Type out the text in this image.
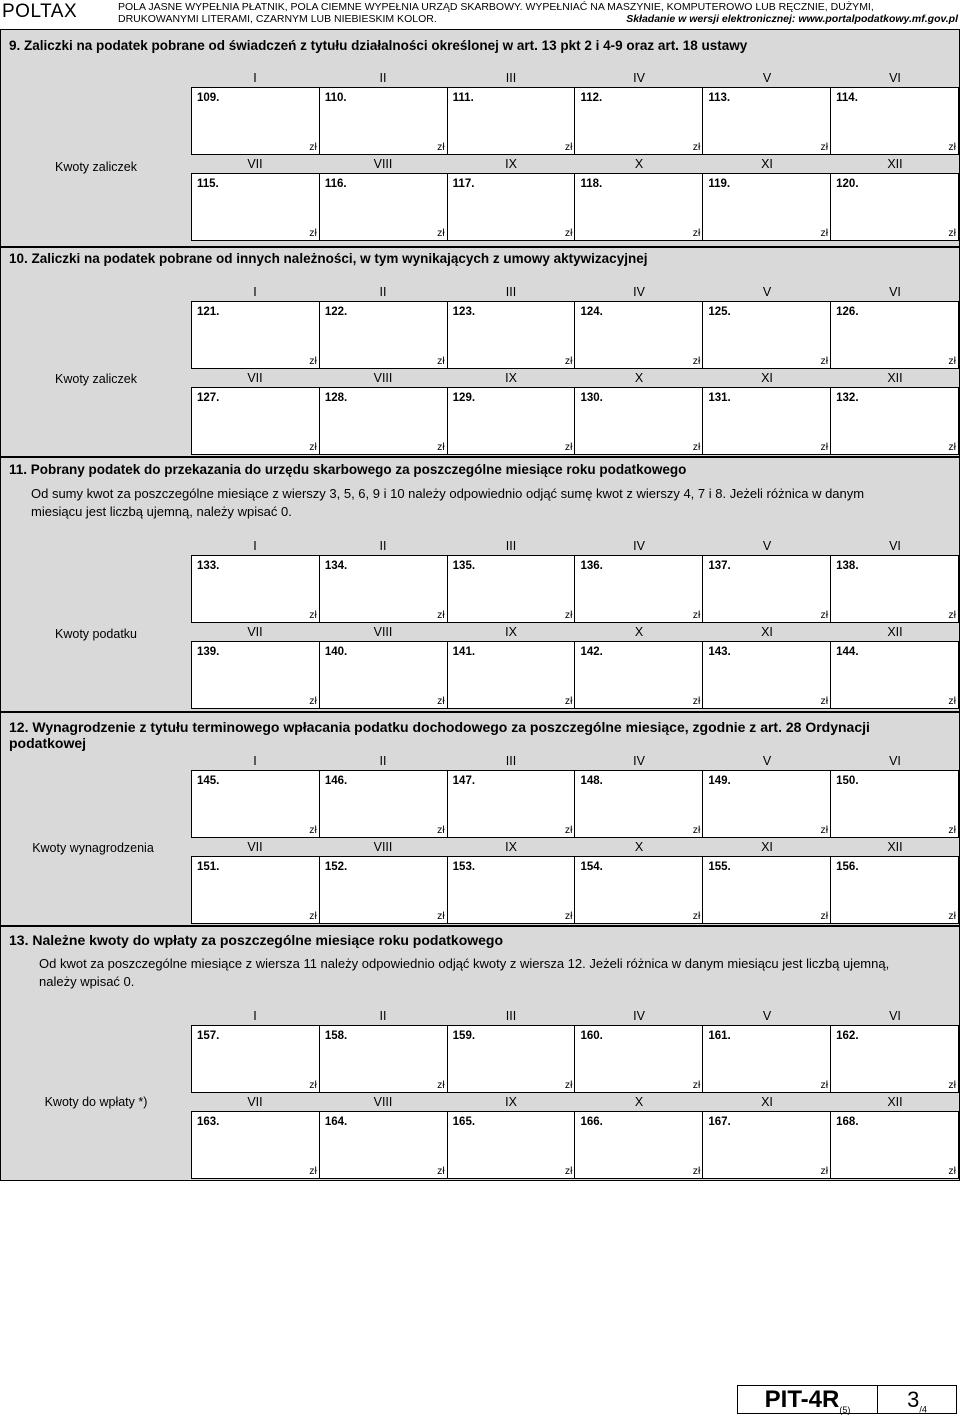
POLTAX	POLA JASNE WYPEŁNIA PŁATNIK, POLA CIEMNE WYPEŁNIA URZĄD SKARBOWY. WYPEŁNIAĆ NA MASZYNIE, KOMPUTEROWO LUB RĘCZNIE, DUŻYMI,
DRUKOWANYMI LITERAMI, CZARNYM LUB NIEBIESKIM KOLOR.	Składanie w wersji elektronicznej: www.portalpodatkowy.mf.gov.pl
9. Zaliczki na podatek pobrane od świadczeń z tytułu działalności określonej w art. 13 pkt 2 i 4-9 oraz art. 18 ustawy
Kwoty zaliczek
I	II	III	IV	V	VI
109.
zł
110.
zł
111.
zł
112.
zł
113.
zł
114.
zł
VII	VIII	IX	X	XI	XII
115.
zł
116.
zł
117.
zł
118.
zł
119.
zł
120.
zł
10. Zaliczki na podatek pobrane od innych należności, w tym wynikających z umowy aktywizacyjnej
Kwoty zaliczek
I	II	III	IV	V	VI
121.
zł
122.
zł
123.
zł
124.
zł
125.
zł
126.
zł
VII	VIII	IX	X	XI	XII
127.
zł
128.
zł
129.
zł
130.
zł
131.
zł
132.
zł
11. Pobrany podatek do przekazania do urzędu skarbowego za poszczególne miesiące roku podatkowego
Od sumy kwot za poszczególne miesiące z wierszy 3, 5, 6, 9 i 10 należy odpowiednio odjąć sumę kwot z wierszy 4, 7 i 8. Jeżeli różnica w danym miesiącu jest liczbą ujemną, należy wpisać 0.
Kwoty podatku
I	II	III	IV	V	VI
133.
zł
134.
zł
135.
zł
136.
zł
137.
zł
138.
zł
VII	VIII	IX	X	XI	XII
139.
zł
140.
zł
141.
zł
142.
zł
143.
zł
144.
zł
12. Wynagrodzenie z tytułu terminowego wpłacania podatku dochodowego za poszczególne miesiące, zgodnie z art. 28 Ordynacji podatkowej
Kwoty wynagrodzenia
I	II	III	IV	V	VI
145.
zł
146.
zł
147.
zł
148.
zł
149.
zł
150.
zł
VII	VIII	IX	X	XI	XII
151.
zł
152.
zł
153.
zł
154.
zł
155.
zł
156.
zł
13. Należne kwoty do wpłaty za poszczególne miesiące roku podatkowego
Od kwot za poszczególne miesiące z wiersza 11 należy odpowiednio odjąć kwoty z wiersza 12. Jeżeli różnica w danym miesiącu jest liczbą ujemną, należy wpisać 0.
Kwoty do wpłaty *)
I	II	III	IV	V	VI
157.
zł
158.
zł
159.
zł
160.
zł
161.
zł
162.
zł
VII	VIII	IX	X	XI	XII
163.
zł
164.
zł
165.
zł
166.
zł
167.
zł
168.
zł
PIT-$4R_{(5)}$	$3_{/4}$
